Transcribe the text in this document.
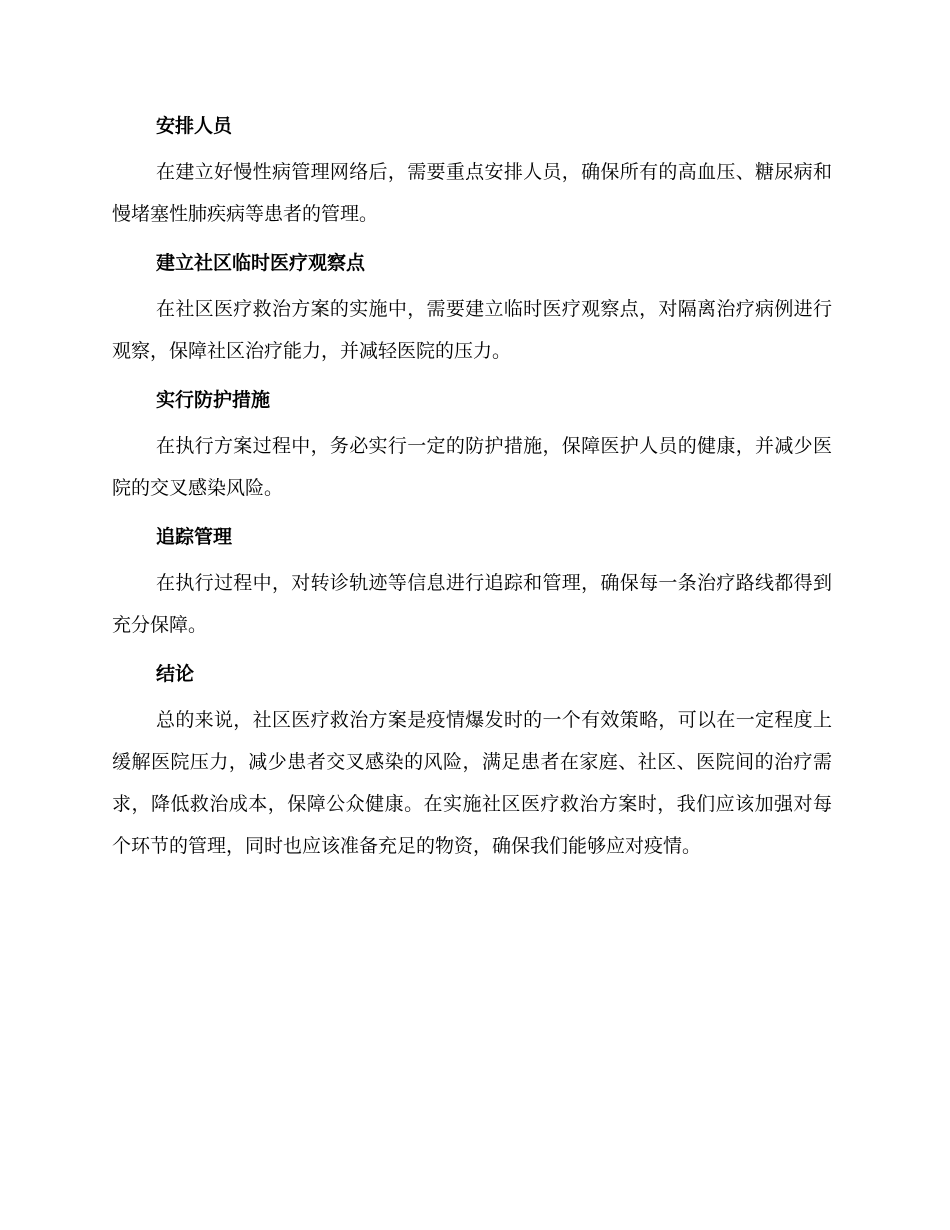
安排人员

在建立好慢性病管理网络后，需要重点安排人员，确保所有的高血压、糖尿病和慢堵塞性肺疾病等患者的管理。

建立社区临时医疗观察点

在社区医疗救治方案的实施中，需要建立临时医疗观察点，对隔离治疗病例进行观察，保障社区治疗能力，并减轻医院的压力。

实行防护措施

在执行方案过程中，务必实行一定的防护措施，保障医护人员的健康，并减少医院的交叉感染风险。

追踪管理

在执行过程中，对转诊轨迹等信息进行追踪和管理，确保每一条治疗路线都得到充分保障。

结论

总的来说，社区医疗救治方案是疫情爆发时的一个有效策略，可以在一定程度上缓解医院压力，减少患者交叉感染的风险，满足患者在家庭、社区、医院间的治疗需求，降低救治成本，保障公众健康。在实施社区医疗救治方案时，我们应该加强对每个环节的管理，同时也应该准备充足的物资，确保我们能够应对疫情。
